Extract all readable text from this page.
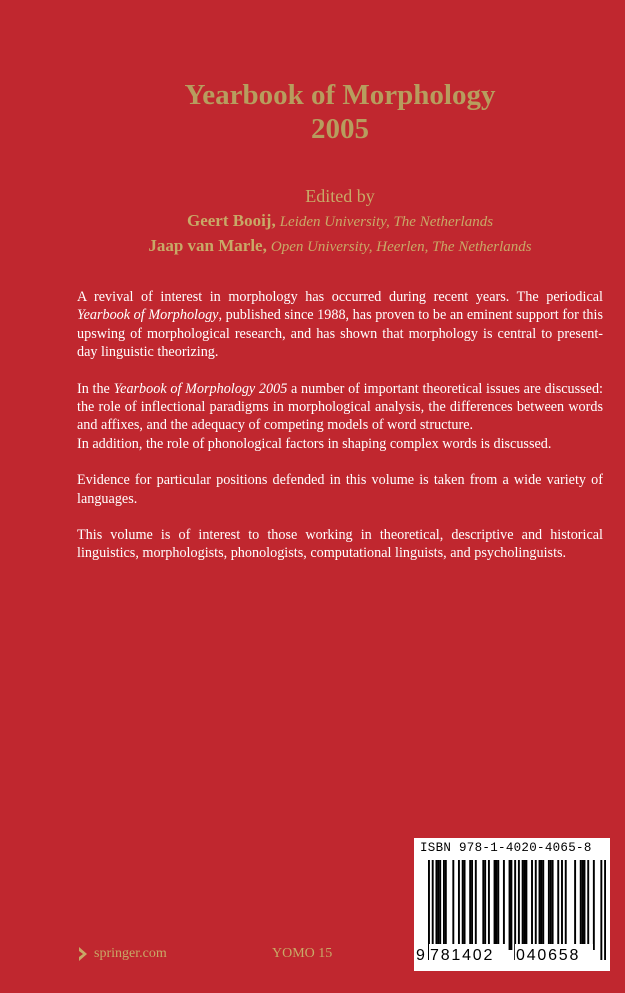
Yearbook of Morphology
2005
Edited by
Geert Booij, Leiden University, The Netherlands
Jaap van Marle, Open University, Heerlen, The Netherlands

A revival of interest in morphology has occurred during recent years. The periodical Yearbook of Morphology, published since 1988, has proven to be an eminent support for this upswing of morphological research, and has shown that morphology is central to present-day linguistic theorizing.

In the Yearbook of Morphology 2005 a number of important theoretical issues are discussed: the role of inflectional paradigms in morphological analysis, the differences between words and affixes, and the adequacy of competing models of word structure.

In addition, the role of phonological factors in shaping complex words is discussed.

Evidence for particular positions defended in this volume is taken from a wide variety of languages.

This volume is of interest to those working in theoretical, descriptive and historical linguistics, morphologists, phonologists, computational linguists, and psycholinguists.

springer.com	YOMO 15
ISBN 978-1-4020-4065-8
9 781402 040658
